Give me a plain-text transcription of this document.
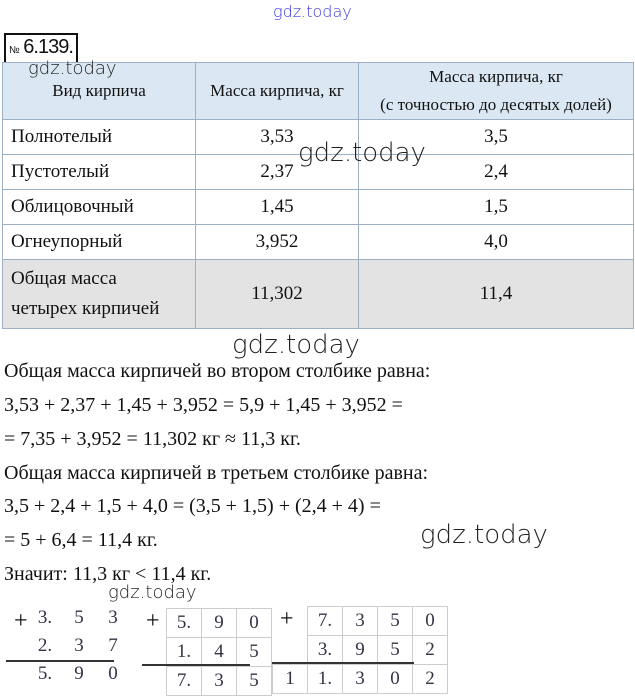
gdz.today
№ 6.139.
Вид кирпича	Масса кирпича, кг	Масса кирпича, кг
(с точностью до десятых долей)
Полнотелый	3,53	3,5
Пустотелый	2,37	2,4
Облицовочный	1,45	1,5
Огнеупорный	3,952	4,0
Общая масса
четырех кирпичей	11,302	11,4
gdz.today
gdz.today
gdz.today
gdz.today
gdz.today
Общая масса кирпичей во втором столбике равна:
3,53 + 2,37 + 1,45 + 3,952 = 5,9 + 1,45 + 3,952 =
= 7,35 + 3,952 = 11,302 кг ≈ 11,3 кг.
Общая масса кирпичей в третьем столбике равна:
3,5 + 2,4 + 1,5 + 4,0 = (3,5 + 1,5) + (2,4 + 4) =
= 5 + 6,4 = 11,4 кг.
Значит: 11,3 кг < 11,4 кг.
+ 3.	5	3
2.	3	7
5.	9	0
+ 5.	9	0
1.	4	5
7.	3	5
+
	7.	3	5	0
	3.	9	5	2
1	1.	3	0	2
